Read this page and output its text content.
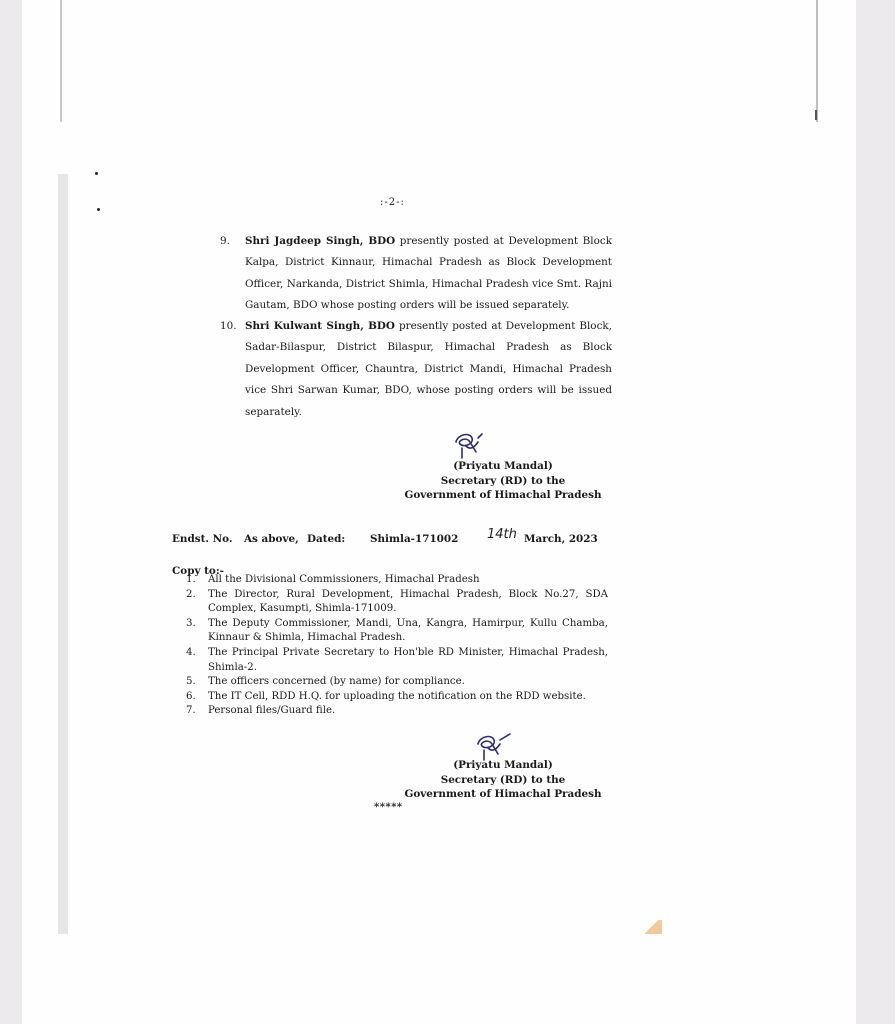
:-2-:
9. Shri Jagdeep Singh, BDO presently posted at Development Block Kalpa, District Kinnaur, Himachal Pradesh as Block Development Officer, Narkanda, District Shimla, Himachal Pradesh vice Smt. Rajni Gautam, BDO whose posting orders will be issued separately.
10. Shri Kulwant Singh, BDO presently posted at Development Block, Sadar-Bilaspur, District Bilaspur, Himachal Pradesh as Block Development Officer, Chauntra, District Mandi, Himachal Pradesh vice Shri Sarwan Kumar, BDO, whose posting orders will be issued separately.
(Priyatu Mandal)
Secretary (RD) to the
Government of Himachal Pradesh
Endst. No. As above, Dated: Shimla-171002 14th March, 2023
Copy to:-
1. All the Divisional Commissioners, Himachal Pradesh
2. The Director, Rural Development, Himachal Pradesh, Block No.27, SDA Complex, Kasumpti, Shimla-171009.
3. The Deputy Commissioner, Mandi, Una, Kangra, Hamirpur, Kullu Chamba, Kinnaur & Shimla, Himachal Pradesh.
4. The Principal Private Secretary to Hon'ble RD Minister, Himachal Pradesh, Shimla-2.
5. The officers concerned (by name) for compliance.
6. The IT Cell, RDD H.Q. for uploading the notification on the RDD website.
7. Personal files/Guard file.
(Priyatu Mandal)
Secretary (RD) to the
Government of Himachal Pradesh
*****
